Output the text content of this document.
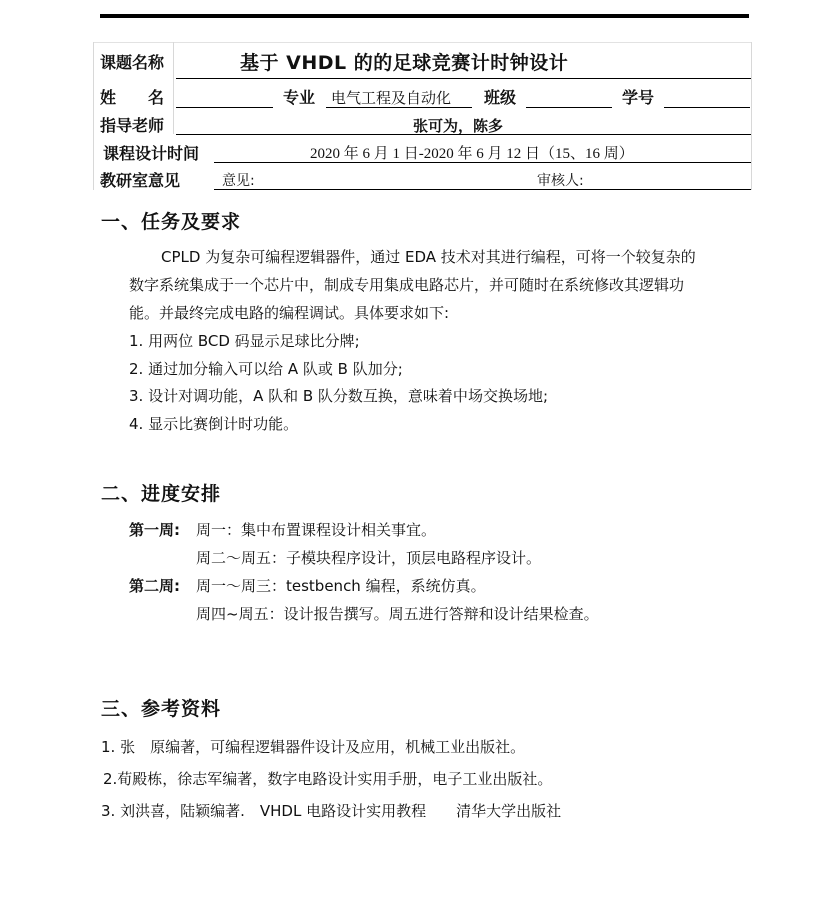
课题名称	基于 VHDL 的的足球竞赛计时钟设计
姓　　名	专业 电气工程及自动化 班级	学号
指导老师	张可为，陈多
课程设计时间	2020 年 6 月 1 日-2020 年 6 月 12 日（15、16 周）
教研室意见	意见:	审核人:
一、任务及要求

CPLD 为复杂可编程逻辑器件，通过 EDA 技术对其进行编程，可将一个较复杂的

数字系统集成于一个芯片中，制成专用集成电路芯片，并可随时在系统修改其逻辑功

能。并最终完成电路的编程调试。具体要求如下:

1. 用两位 BCD 码显示足球比分牌;
2. 通过加分输入可以给 A 队或 B 队加分;
3. 设计对调功能，A 队和 B 队分数互换，意味着中场交换场地;
4. 显示比赛倒计时功能。
二、进度安排
第一周: 周一：集中布置课程设计相关事宜。
周二～周五：子模块程序设计，顶层电路程序设计。
第二周: 周一～周三：testbench 编程，系统仿真。
周四~周五：设计报告撰写。周五进行答辩和设计结果检查。
三、参考资料
1. 张　原编著，可编程逻辑器件设计及应用，机械工业出版社。
2.荀殿栋，徐志军编著，数字电路设计实用手册，电子工业出版社。
3. 刘洪喜，陆颖编著.　VHDL 电路设计实用教程　　清华大学出版社
